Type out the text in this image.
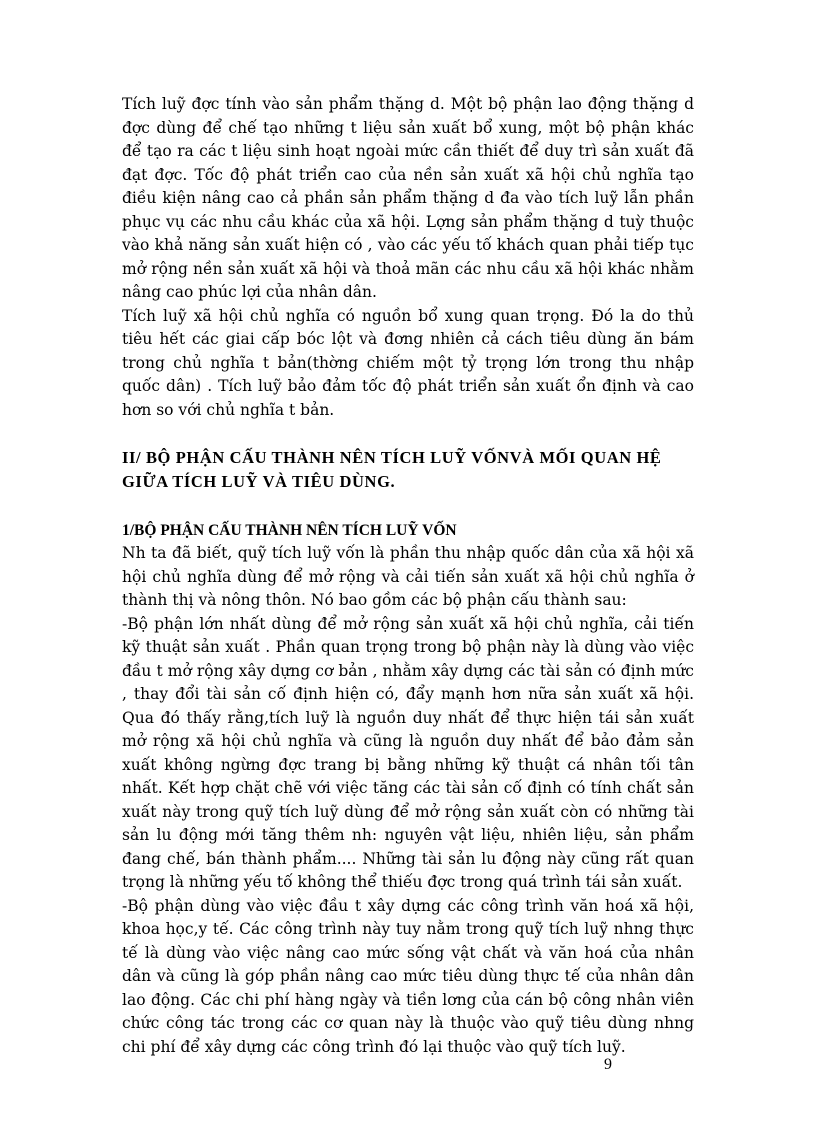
Tích luỹ đợc tính vào sản phẩm thặng d. Một bộ phận lao động thặng d đợc dùng để chế tạo những t liệu sản xuất bổ xung, một bộ phận khác để tạo ra các t liệu sinh hoạt ngoài mức cần thiết để duy trì sản xuất đã đạt đợc. Tốc độ phát triển cao của nền sản xuất xã hội chủ nghĩa tạo điều kiện nâng cao cả phần sản phẩm thặng d đa vào tích luỹ lẫn phần phục vụ các nhu cầu khác của xã hội. Lợng sản phẩm thặng d tuỳ thuộc vào khả năng sản xuất hiện có , vào các yếu tố khách quan phải tiếp tục mở rộng nền sản xuất xã hội và thoả mãn các nhu cầu xã hội khác nhằm nâng cao phúc lợi của nhân dân.

Tích luỹ xã hội chủ nghĩa có nguồn bổ xung quan trọng. Đó la do thủ tiêu hết các giai cấp bóc lột và đơng nhiên cả cách tiêu dùng ăn bám trong chủ nghĩa t bản(thờng chiếm một tỷ trọng lớn trong thu nhập quốc dân) . Tích luỹ bảo đảm tốc độ phát triển sản xuất ổn định và cao hơn so với chủ nghĩa t bản.

II/ BỘ PHẬN CẤU THÀNH NÊN TÍCH LUỸ VỐNVÀ MỐI QUAN HỆ GIỮA TÍCH LUỸ VÀ TIÊU DÙNG.
1/BỘ PHẬN CẤU THÀNH NÊN TÍCH LUỸ VỐN

Nh ta đã biết, quỹ tích luỹ vốn là phần thu nhập quốc dân của xã hội xã hội chủ nghĩa dùng để mở rộng và cải tiến sản xuất xã hội chủ nghĩa ở thành thị và nông thôn. Nó bao gồm các bộ phận cấu thành sau:

-Bộ phận lớn nhất dùng để mở rộng sản xuất xã hội chủ nghĩa, cải tiến kỹ thuật sản xuất . Phần quan trọng trong bộ phận này là dùng vào việc đầu t mở rộng xây dựng cơ bản , nhằm xây dựng các tài sản có định mức , thay đổi tài sản cố định hiện có, đẩy mạnh hơn nữa sản xuất xã hội. Qua đó thấy rằng,tích luỹ là nguồn duy nhất để thực hiện tái sản xuất mở rộng xã hội chủ nghĩa và cũng là nguồn duy nhất để bảo đảm sản xuất không ngừng đợc trang bị bằng những kỹ thuật cá nhân tối tân nhất. Kết hợp chặt chẽ với việc tăng các tài sản cố định có tính chất sản xuất này trong quỹ tích luỹ dùng để mở rộng sản xuất còn có những tài sản lu động mới tăng thêm nh: nguyên vật liệu, nhiên liệu, sản phẩm đang chế, bán thành phẩm.... Những tài sản lu động này cũng rất quan trọng là những yếu tố không thể thiếu đợc trong quá trình tái sản xuất.

-Bộ phận dùng vào việc đầu t xây dựng các công trình văn hoá xã hội, khoa học,y tế. Các công trình này tuy nằm trong quỹ tích luỹ nhng thực tế là dùng vào việc nâng cao mức sống vật chất và văn hoá của nhân dân và cũng là góp phần nâng cao mức tiêu dùng thực tế của nhân dân lao động. Các chi phí hàng ngày và tiền lơng của cán bộ công nhân viên chức công tác trong các cơ quan này là thuộc vào quỹ tiêu dùng nhng chi phí để xây dựng các công trình đó lại thuộc vào quỹ tích luỹ.

9
